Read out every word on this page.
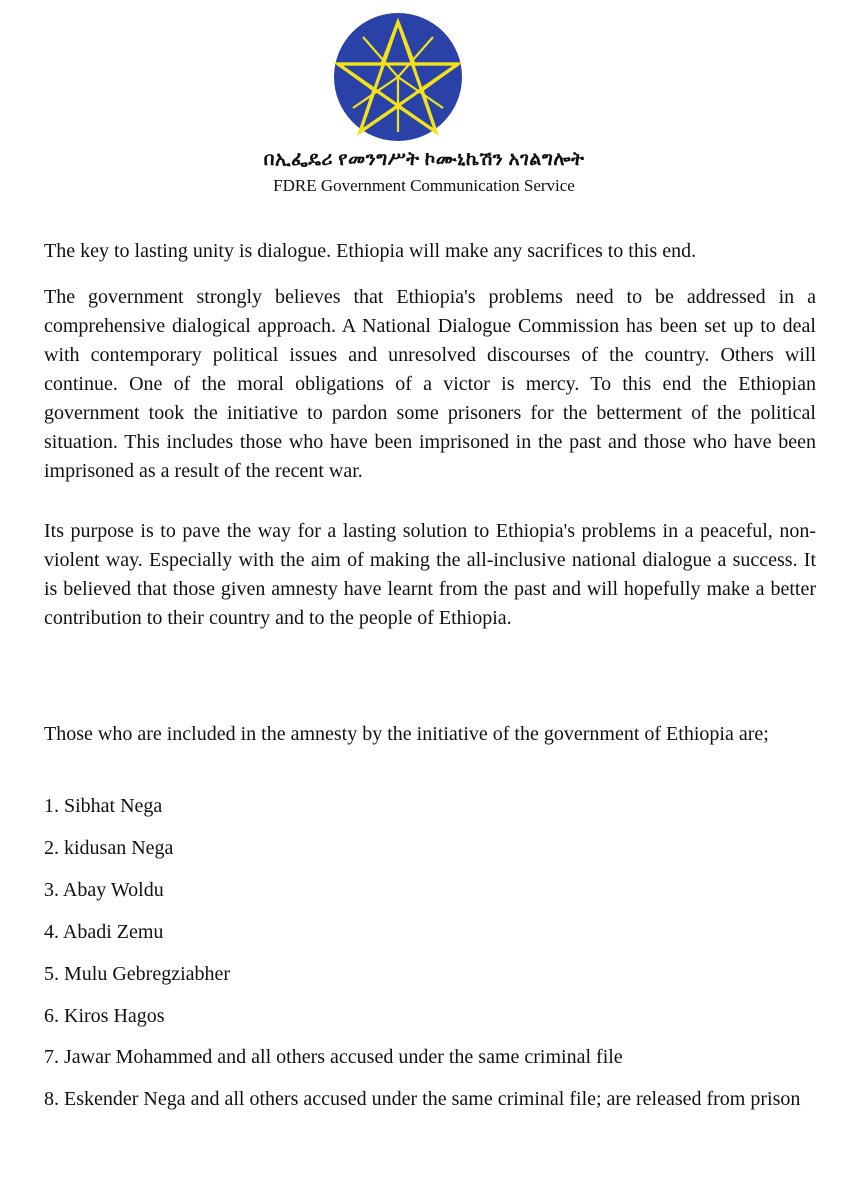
በኢፌዴሪ የመንግሥት ኮሙኒኬሽን አገልግሎት
FDRE Government Communication Service

The key to lasting unity is dialogue. Ethiopia will make any sacrifices to this end.

The government strongly believes that Ethiopia's problems need to be addressed in a comprehensive dialogical approach. A National Dialogue Commission has been set up to deal with contemporary political issues and unresolved discourses of the country. Others will continue. One of the moral obligations of a victor is mercy. To this end the Ethiopian government took the initiative to pardon some prisoners for the betterment of the political situation. This includes those who have been imprisoned in the past and those who have been imprisoned as a result of the recent war.

Its purpose is to pave the way for a lasting solution to Ethiopia's problems in a peaceful, non-violent way. Especially with the aim of making the all-inclusive national dialogue a success. It is believed that those given amnesty have learnt from the past and will hopefully make a better contribution to their country and to the people of Ethiopia.

Those who are included in the amnesty by the initiative of the government of Ethiopia are;

1. Sibhat Nega
2. kidusan Nega
3. Abay Woldu
4. Abadi Zemu
5. Mulu Gebregziabher
6. Kiros Hagos
7. Jawar Mohammed and all others accused under the same criminal file
8. Eskender Nega and all others accused under the same criminal file; are released from prison
